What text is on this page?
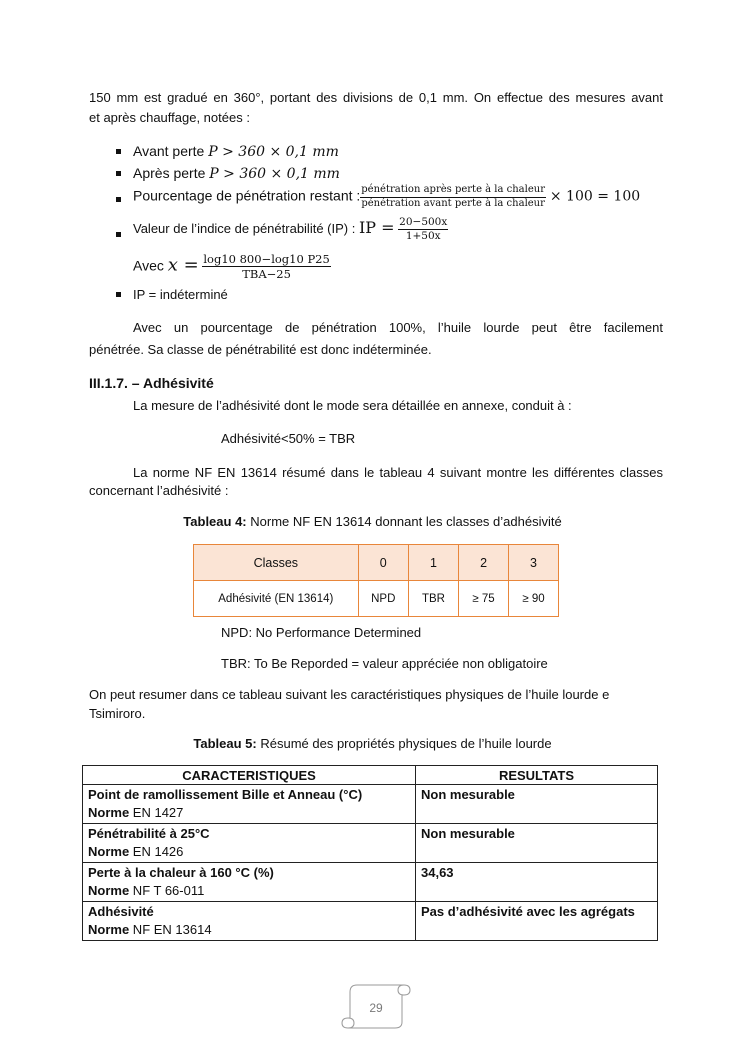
150 mm est gradué en 360°, portant des divisions de 0,1 mm. On effectue des mesures avant
et après chauffage, notées :
Avant perte P > 360 × 0,1 mm
Après perte P > 360 × 0,1 mm
Pourcentage de pénétration restant : $\frac{\text{pénétration après perte à la chaleur}}{\text{pénétration avant perte à la chaleur}} \times 100 = 100$
Valeur de l’indice de pénétrabilité (IP) : IP = $\frac{20-500x}{1+50x}$
Avec $x = \frac{\log 10 800-\log 10 P25}{\text{TBA−25}}$
IP = indéterminé
Avec un pourcentage de pénétration 100%, l’huile lourde peut être facilement
pénétrée. Sa classe de pénétrabilité est donc indéterminée.
III.1.7. – Adhésivité
La mesure de l’adhésivité dont le mode sera détaillée en annexe, conduit à :
Adhésivité<50% = TBR
La norme NF EN 13614 résumé dans le tableau 4 suivant montre les différentes classes
concernant l’adhésivité :
Tableau 4: Norme NF EN 13614 donnant les classes d’adhésivité
Classes	0	1	2	3
Adhésivité (EN 13614)	NPD	TBR	≥ 75	≥ 90
NPD: No Performance Determined
TBR: To Be Reporded = valeur appréciée non obligatoire
On peut resumer dans ce tableau suivant les caractéristiques physiques de l’huile lourde e
Tsimiroro.
Tableau 5: Résumé des propriétés physiques de l’huile lourde
CARACTERISTIQUES	RESULTATS

Point de ramollissement Bille et Anneau (°C)
Norme EN 1427	Non mesurable

Pénétrabilité à 25°C
Norme EN 1426	Non mesurable

Perte à la chaleur à 160 °C (%)
Norme NF T 66-011	34,63

Adhésivité
Norme NF EN 13614	Pas d’adhésivité avec les agrégats
29
